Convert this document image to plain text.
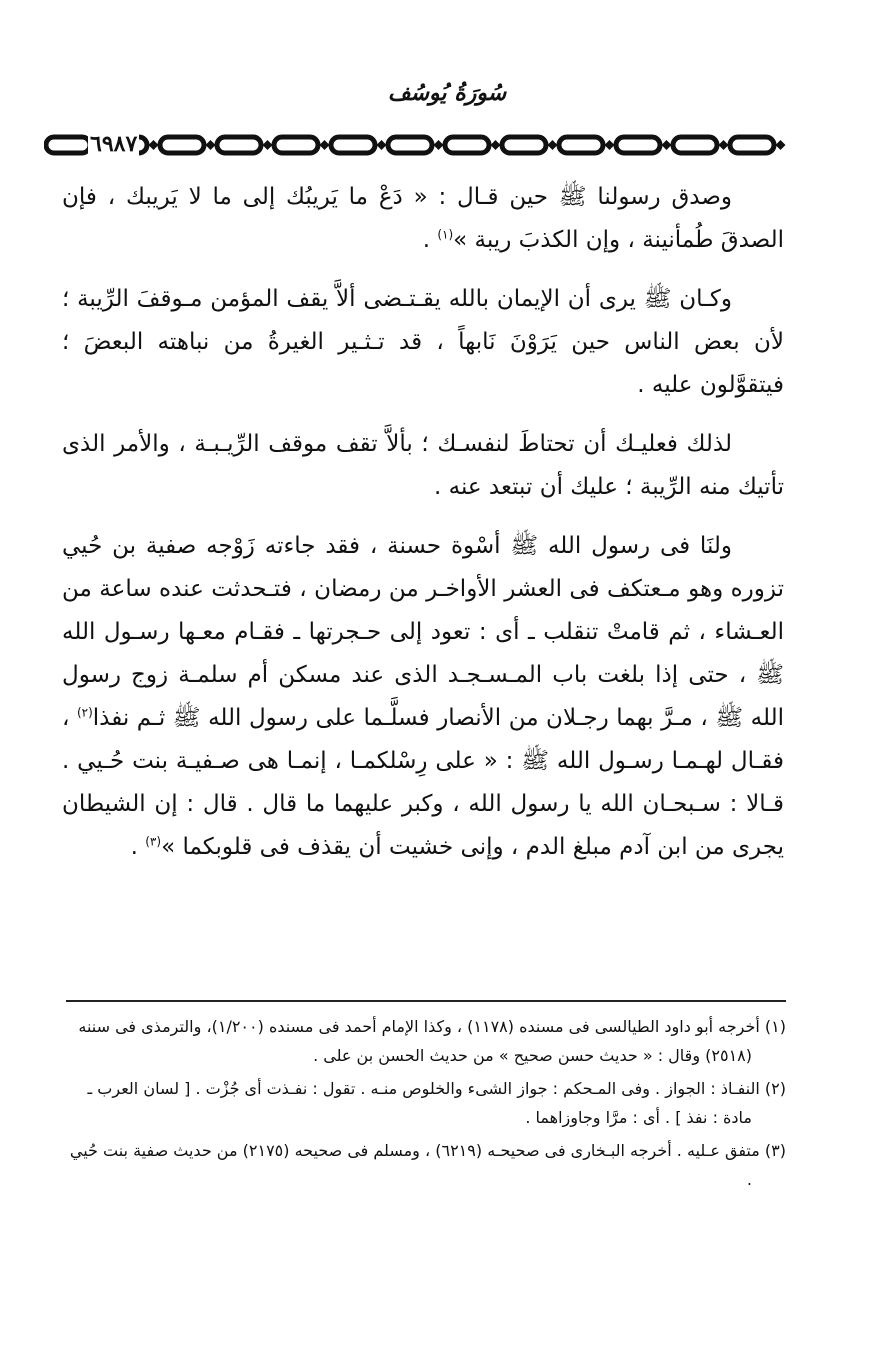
سُورَةُ يُوسُف
٦٩٨٧

وصدق رسولنا ﷺ حين قـال : « دَعْ ما يَريبُك إلى ما لا يَريبك ، فإن الصدقَ طُمأنينة ، وإن الكذبَ ريبة »$^{(١)}$ .

وكـان ﷺ يرى أن الإيمان بالله يقـتـضى ألاَّ يقف المؤمن مـوقفَ الرِّيبة ؛ لأن بعض الناس حين يَرَوْنَ نَابهاً ، قد تـثـير الغيرةُ من نباهته البعضَ ؛ فيتقوَّلون عليه .

لذلك فعليـك أن تحتاطَ لنفسـك ؛ بألاَّ تقف موقف الرِّيـبـة ، والأمر الذى تأتيك منه الرِّيبة ؛ عليك أن تبتعد عنه .

ولنَا فى رسول الله ﷺ أسْوة حسنة ، فقد جاءته زَوْجه صفية بن حُيي تزوره وهو مـعتكف فى العشر الأواخـر من رمضان ، فتـحدثت عنده ساعة من العـشاء ، ثم قامتْ تنقلب ـ أى : تعود إلى حـجرتها ـ فقـام معـها رسـول الله ﷺ ، حتى إذا بلغت باب المـسـجـد الذى عند مسكن أم سلمـة زوج رسول الله ﷺ ، مـرَّ بهما رجـلان من الأنصار فسلَّـما على رسول الله ﷺ ثـم نفذا$^{(٢)}$ ، فقـال لهـمـا رسـول الله ﷺ : « على رِسْلكمـا ، إنمـا هى صـفيـة بنت حُـيي . قـالا : سـبحـان الله يا رسول الله ، وكبر عليهما ما قال . قال : إن الشيطان يجرى من ابن آدم مبلغ الدم ، وإنى خشيت أن يقذف فى قلوبكما »$^{(٣)}$ .

(١) أخرجه أبو داود الطيالسى فى مسنده (١١٧٨) ، وكذا الإمام أحمد فى مسنده (١/٢٠٠)، والترمذى فى سننه (٢٥١٨) وقال : « حديث حسن صحيح » من حديث الحسن بن على .

(٢) النفـاذ : الجواز . وفى المـحكم : جواز الشىء والخلوص منـه . تقول : نفـذت أى جُزْت . [ لسان العرب ـ مادة : نفذ ] . أى : مرَّا وجاوزاهما .

(٣) متفق عـليه . أخرجه البـخارى فى صحيحـه (٦٢١٩) ، ومسلم فى صحيحه (٢١٧٥) من حديث صفية بنت حُيي .
